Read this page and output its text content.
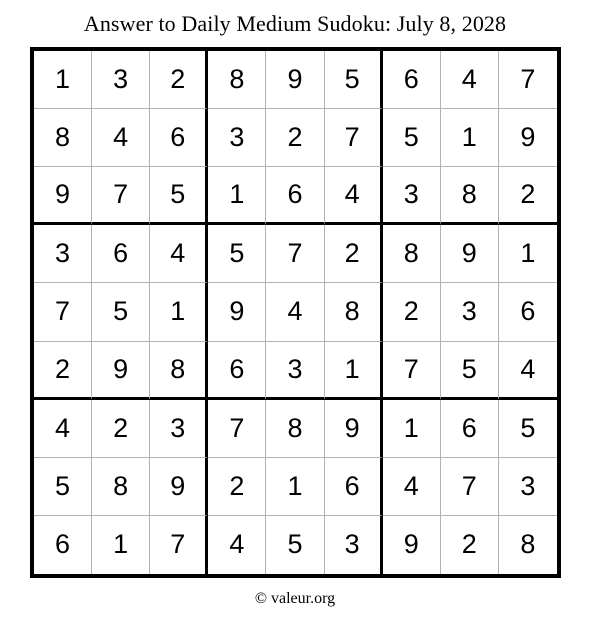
Answer to Daily Medium Sudoku: July 8, 2028
1	3	2	8	9	5	6	4	7
8	4	6	3	2	7	5	1	9
9	7	5	1	6	4	3	8	2
3	6	4	5	7	2	8	9	1
7	5	1	9	4	8	2	3	6
2	9	8	6	3	1	7	5	4
4	2	3	7	8	9	1	6	5
5	8	9	2	1	6	4	7	3
6	1	7	4	5	3	9	2	8
© valeur.org
